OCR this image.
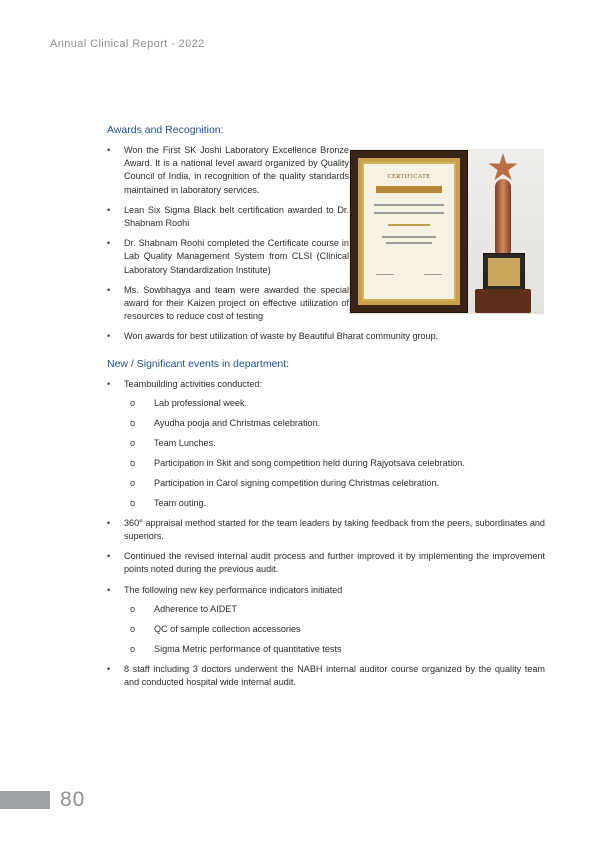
Annual Clinical Report - 2022
Awards and Recognition:
• Won the First SK Joshi Laboratory Excellence Bronze Award. It is a national level award organized by Quality Council of India, in recognition of the quality standards maintained in laboratory services.
• Lean Six Sigma Black belt certification awarded to Dr. Shabnam Roohi
• Dr. Shabnam Roohi completed the Certificate course in Lab Quality Management System from CLSI (Clinical Laboratory Standardization Institute)
• Ms. Sowbhagya and team were awarded the special award for their Kaizen project on effective utilization of resources to reduce cost of testing
• Won awards for best utilization of waste by Beautiful Bharat community group.
New / Significant events in department:
• Teambuilding activities conducted:
o Lab professional week.
o Ayudha pooja and Christmas celebration.
o Team Lunches.
o Participation in Skit and song competition held during Rajyotsava celebration.
o Participation in Carol signing competition during Christmas celebration.
o Team outing.
• 360° appraisal method started for the team leaders by taking feedback from the peers, subordinates and superiors.
• Continued the revised internal audit process and further improved it by implementing the improvement points noted during the previous audit.
• The following new key performance indicators initiated
o Adherence to AIDET
o QC of sample collection accessories
o Sigma Metric performance of quantitative tests
• 8 staff including 3 doctors underwent the NABH internal auditor course organized by the quality team and conducted hospital wide internal audit.
CERTIFICATE
80
